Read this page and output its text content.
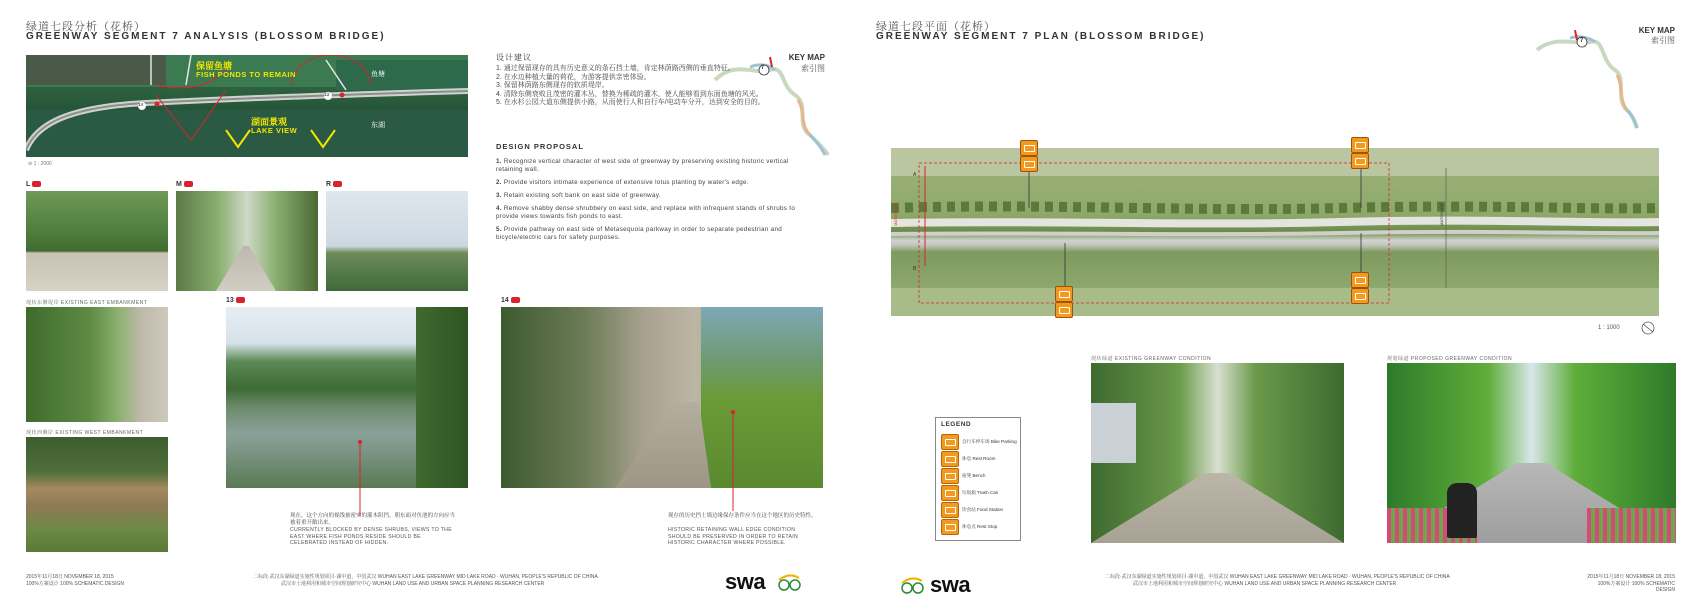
绿道七段分析（花桥）
GREENWAY SEGMENT 7 ANALYSIS (BLOSSOM BRIDGE)
保留鱼塘
FISH PONDS TO REMAIN
湖面景观
LAKE VIEW
鱼塘
东湖
14
13
⊘ 1 : 2000
KEY MAP
索引图
7
L	M	R
现状东侧堤岸 EXISTING EAST EMBANKMENT
现状西侧岸 EXISTING WEST EMBANKMENT
13
现在，这个方向的视线被密实的灌木阻挡，朝东面对鱼池的方向应当被着重开敞出来。
CURRENTLY BLOCKED BY DENSE SHRUBS, VIEWS TO THE EAST WHERE FISH PONDS RESIDE SHOULD BE CELEBRATED INSTEAD OF HIDDEN.
设计建议
1. 通过保留现存的具有历史意义的条石挡土墙，肯定林荫路西侧的垂直特征。
2. 在水边种植大量的荷花，为游客提供亲密体验。
3. 保留林荫路东侧现存的软质堤岸。
4. 清除东侧衰败且茂密的灌木丛，替换为稀疏的灌木，使人能够看到东面鱼塘的风光。
5. 在水杉公园大道东侧提供小路，从而使行人和自行车/电动车分开，达到安全的目的。
DESIGN PROPOSAL

1. Recognize vertical character of west side of greenway by preserving existing historic vertical retaining wall.

2. Provide visitors intimate experience of extensive lotus planting by water's edge.

3. Retain existing soft bank on east side of greenway.

4. Remove shabby dense shrubbery on east side, and replace with infrequent stands of shrubs to provide views towards fish ponds to east.

5. Provide pathway on east side of Metasequoia parkway in order to separate pedestrian and bicycle/electric cars for safety purposes.

14
现存的历史挡土墙边缘保存条件应当在这个地区的历史特性。
HISTORIC RETAINING WALL EDGE CONDITION SHOULD BE PRESERVED IN ORDER TO RETAIN HISTORIC CHARACTER WHERE POSSIBLE.
2015年11月18日 NOVEMBER 18, 2015
100%方案设计 100% SCHEMATIC DESIGN
二标段·武汉东湖绿道实施性规划项目·湖中道，中国武汉 WUHAN EAST LAKE GREENWAY MID LAKE ROAD · WUHAN, PEOPLE'S REPUBLIC OF CHINA
武汉市土地利用和城市空间规划研究中心 WUHAN LAND USE AND URBAN SPACE PLANNING RESEARCH CENTER	swa
绿道七段平面（花桥）
GREENWAY SEGMENT 7 PLAN (BLOSSOM BRIDGE)
KEY MAP
索引图
7
MATCHLINE	MATCHLINE
A
B
1 : 1000
LEGEND
自行车停车场 Bike Parking
休息 Rest Room
座凳 Bench
垃圾箱 Trash Can
饮食站 Food Station
休息点 Rest Stop
现状绿道 EXISTING GREENWAY CONDITION	规划绿道 PROPOSED GREENWAY CONDITION
swa	二标段·武汉东湖绿道实施性规划项目·湖中道，中国武汉 WUHAN EAST LAKE GREENWAY MID LAKE ROAD · WUHAN, PEOPLE'S REPUBLIC OF CHINA
武汉市土地利用和城市空间规划研究中心 WUHAN LAND USE AND URBAN SPACE PLANNING RESEARCH CENTER
2015年11月18日 NOVEMBER 18, 2015
100%方案设计 100% SCHEMATIC DESIGN
